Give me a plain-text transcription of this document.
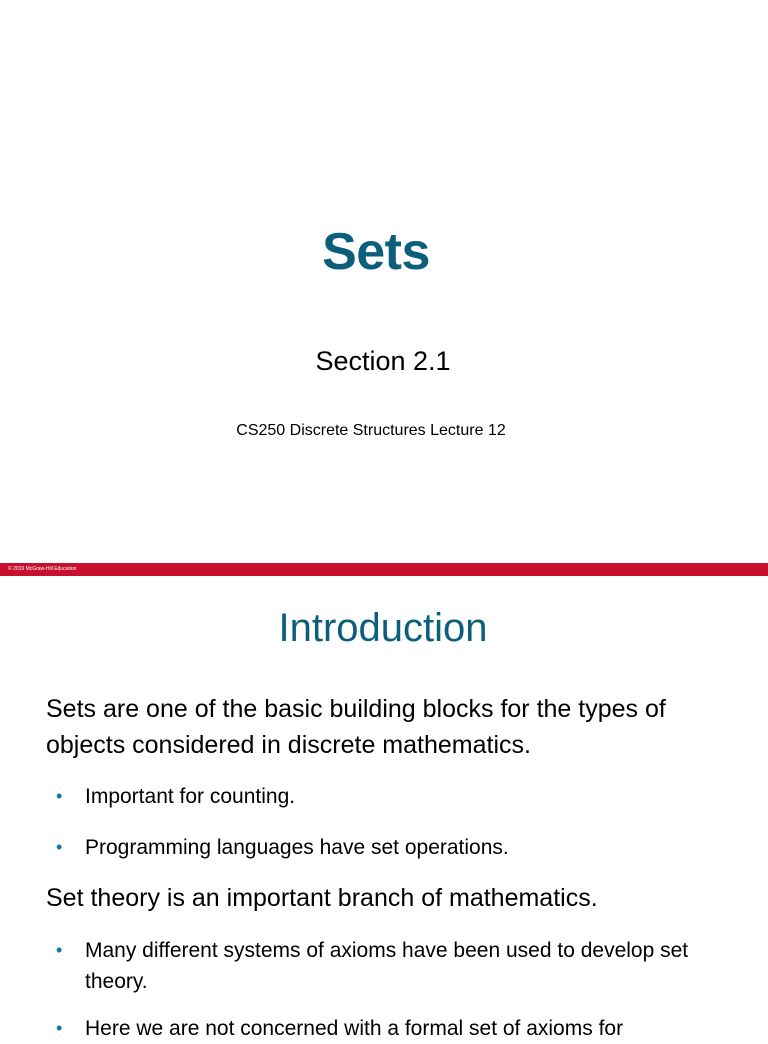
Sets
Section 2.1
CS250 Discrete Structures Lecture 12
© 2019 McGraw-Hill Education
Introduction
Sets are one of the basic building blocks for the types of objects considered in discrete mathematics.
• Important for counting.
• Programming languages have set operations.
Set theory is an important branch of mathematics.
• Many different systems of axioms have been used to develop set theory.
• Here we are not concerned with a formal set of axioms for
